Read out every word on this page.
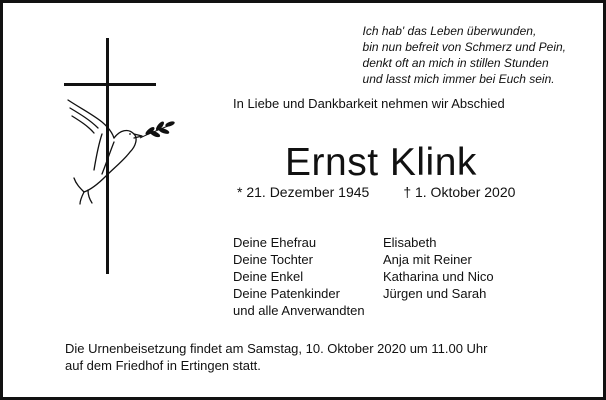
Ich hab' das Leben überwunden,
bin nun befreit von Schmerz und Pein,
denkt oft an mich in stillen Stunden
und lasst mich immer bei Euch sein.
In Liebe und Dankbarkeit nehmen wir Abschied
Ernst Klink
* 21. Dezember 1945 † 1. Oktober 2020
Deine Ehefrau
Deine Tochter
Deine Enkel
Deine Patenkinder
und alle Anverwandten
Elisabeth
Anja mit Reiner
Katharina und Nico
Jürgen und Sarah
Die Urnenbeisetzung findet am Samstag, 10. Oktober 2020 um 11.00 Uhr
auf dem Friedhof in Ertingen statt.
